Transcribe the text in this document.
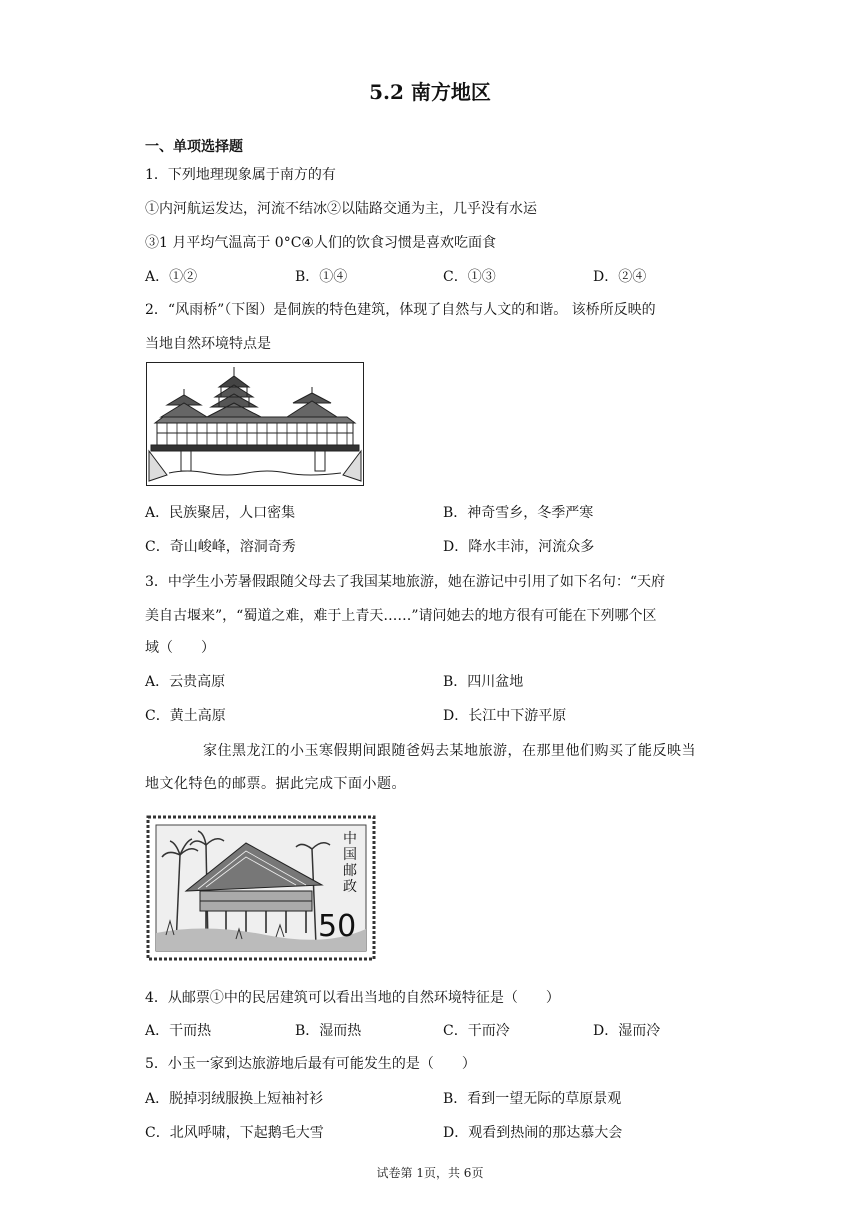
5.2 南方地区
一、单项选择题
1．下列地理现象属于南方的有
①内河航运发达，河流不结冰②以陆路交通为主，几乎没有水运
③1 月平均气温高于 0°C④人们的饮食习惯是喜欢吃面食
A．①②	B．①④	C．①③	D．②④
2．“风雨桥”（下图）是侗族的特色建筑，体现了自然与人文的和谐。 该桥所反映的
当地自然环境特点是
A．民族聚居，人口密集	B．神奇雪乡，冬季严寒
C．奇山峻峰，溶洞奇秀	D．降水丰沛，河流众多
3．中学生小芳暑假跟随父母去了我国某地旅游，她在游记中引用了如下名句：“天府
美自古堰来”，“蜀道之难，难于上青天……”请问她去的地方很有可能在下列哪个区
域（　　）
A．云贵高原	B．四川盆地
C．黄土高原	D．长江中下游平原
家住黑龙江的小玉寒假期间跟随爸妈去某地旅游，在那里他们购买了能反映当
地文化特色的邮票。据此完成下面小题。
中国邮政
50
4．从邮票①中的民居建筑可以看出当地的自然环境特征是（　　）
A．干而热	B．湿而热	C．干而冷	D．湿而冷
5．小玉一家到达旅游地后最有可能发生的是（　　）
A．脱掉羽绒服换上短袖衬衫	B．看到一望无际的草原景观
C．北风呼啸，下起鹅毛大雪	D．观看到热闹的那达慕大会
试卷第 1页，共 6页
